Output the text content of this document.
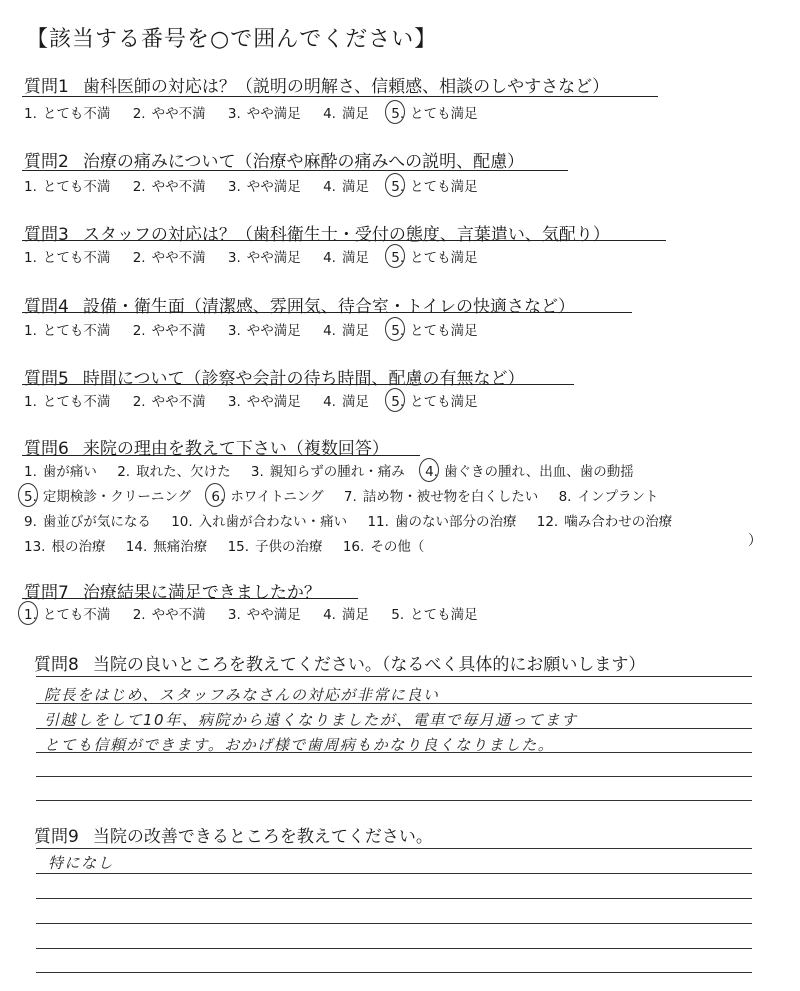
【該当する番号を○で囲んでください】
質問1 歯科医師の対応は？（説明の明解さ、信頼感、相談のしやすさなど）
1. とても不満 2. やや不満 3. やや満足 4. 満足 5. とても満足
質問2 治療の痛みについて（治療や麻酔の痛みへの説明、配慮）
1. とても不満 2. やや不満 3. やや満足 4. 満足 5. とても満足
質問3 スタッフの対応は？（歯科衛生士・受付の態度、言葉遣い、気配り）
1. とても不満 2. やや不満 3. やや満足 4. 満足 5. とても満足
質問4 設備・衛生面（清潔感、雰囲気、待合室・トイレの快適さなど）
1. とても不満 2. やや不満 3. やや満足 4. 満足 5. とても満足
質問5 時間について（診察や会計の待ち時間、配慮の有無など）
1. とても不満 2. やや不満 3. やや満足 4. 満足 5. とても満足
質問6 来院の理由を教えて下さい（複数回答）
1. 歯が痛い 2. 取れた、欠けた 3. 親知らずの腫れ・痛み 4. 歯ぐきの腫れ、出血、歯の動揺
5. 定期検診・クリーニング 6. ホワイトニング 7. 詰め物・被せ物を白くしたい 8. インプラント
9. 歯並びが気になる 10. 入れ歯が合わない・痛い 11. 歯のない部分の治療 12. 噛み合わせの治療
13. 根の治療 14. 無痛治療 15. 子供の治療 16. その他（	）
質問7 治療結果に満足できましたか？
1. とても不満 2. やや不満 3. やや満足 4. 満足 5. とても満足
質問8 当院の良いところを教えてください。（なるべく具体的にお願いします）
院長をはじめ、スタッフみなさんの対応が非常に良い
引越しをして10年、病院から遠くなりましたが、電車で毎月通ってます
とても信頼ができます。おかげ様で歯周病もかなり良くなりました。
質問9 当院の改善できるところを教えてください。
特になし
